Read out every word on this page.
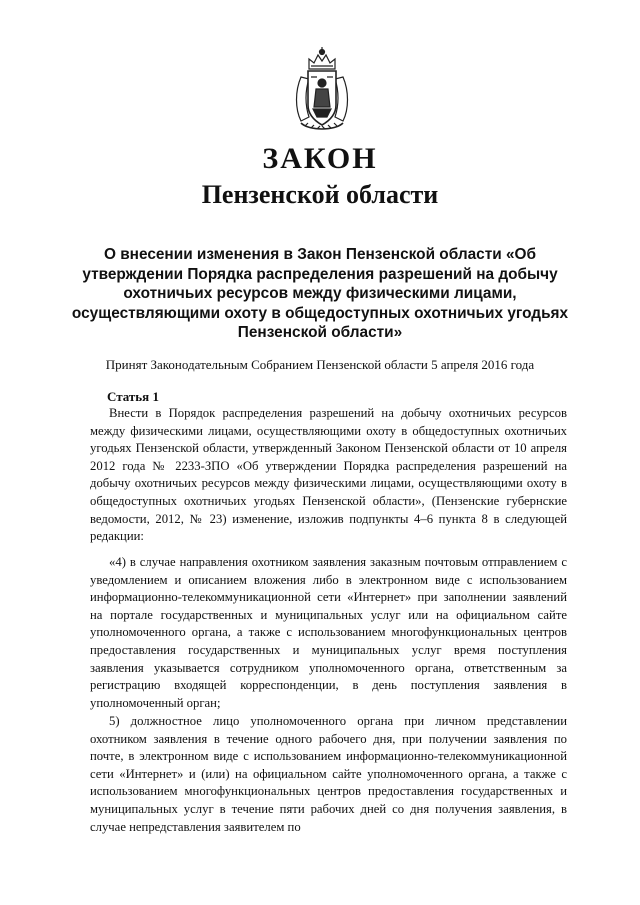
ЗАКОН
Пензенской области

О внесении изменения в Закон Пензенской области «Об утверждении Порядка распределения разрешений на добычу охотничьих ресурсов между физическими лицами, осуществляющими охоту в общедоступных охотничьих угодьях Пензенской области»

Принят Законодательным Собранием Пензенской области 5 апреля 2016 года

Статья 1

Внести в Порядок распределения разрешений на добычу охотничьих ресурсов между физическими лицами, осуществляющими охоту в общедоступных охотничьих угодьях Пензенской области, утвержденный Законом Пензенской области от 10 апреля 2012 года № 2233-ЗПО «Об утверждении Порядка распределения разрешений на добычу охотничьих ресурсов между физическими лицами, осуществляющими охоту в общедоступных охотничьих угодьях Пензенской области», (Пензенские губернские ведомости, 2012, № 23) изменение, изложив подпункты 4–6 пункта 8 в следующей редакции:

«4) в случае направления охотником заявления заказным почтовым отправлением с уведомлением и описанием вложения либо в электронном виде с использованием информационно-телекоммуникационной сети «Интернет» при заполнении заявлений на портале государственных и муниципальных услуг или на официальном сайте уполномоченного органа, а также с использованием многофункциональных центров предоставления государственных и муниципальных услуг время поступления заявления указывается сотрудником уполномоченного органа, ответственным за регистрацию входящей корреспонденции, в день поступления заявления в уполномоченный орган;

5) должностное лицо уполномоченного органа при личном представлении охотником заявления в течение одного рабочего дня, при получении заявления по почте, в электронном виде с использованием информационно-телекоммуникационной сети «Интернет» и (или) на официальном сайте уполномоченного органа, а также с использованием многофункциональных центров предоставления государственных и муниципальных услуг в течение пяти рабочих дней со дня получения заявления, в случае непредставления заявителем по
